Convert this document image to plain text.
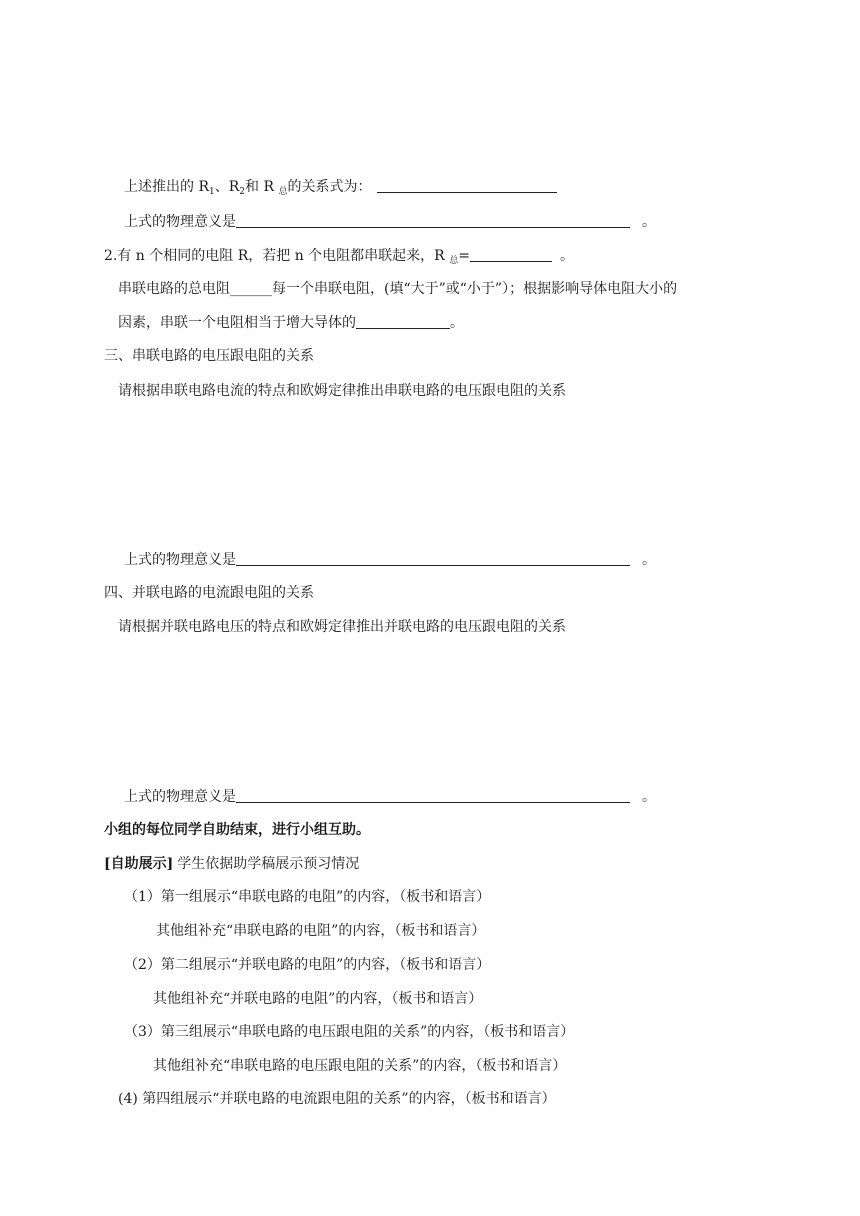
上述推出的 $R_1$、$R_2$和 R $_总$的关系式为：
上式的物理意义是	。
2.有 n 个相同的电阻 R，若把 n 个电阻都串联起来，R $_总$=	。
串联电路的总电阻______每一个串联电阻，(填“大于”或“小于”）；根据影响导体电阻大小的
因素，串联一个电阻相当于增大导体的	。
三、串联电路的电压跟电阻的关系
请根据串联电路电流的特点和欧姆定律推出串联电路的电压跟电阻的关系
上式的物理意义是	。
四、并联电路的电流跟电阻的关系
请根据并联电路电压的特点和欧姆定律推出并联电路的电压跟电阻的关系
上式的物理意义是	。
小组的每位同学自助结束，进行小组互助。
[自助展示] 学生依据助学稿展示预习情况
（1）第一组展示“串联电路的电阻”的内容，（板书和语言）
其他组补充“串联电路的电阻”的内容，（板书和语言）
（2）第二组展示“并联电路的电阻”的内容，（板书和语言）
其他组补充“并联电路的电阻”的内容，（板书和语言）
（3）第三组展示“串联电路的电压跟电阻的关系”的内容，（板书和语言）
其他组补充“串联电路的电压跟电阻的关系”的内容，（板书和语言）
(4) 第四组展示“并联电路的电流跟电阻的关系”的内容，（板书和语言）
